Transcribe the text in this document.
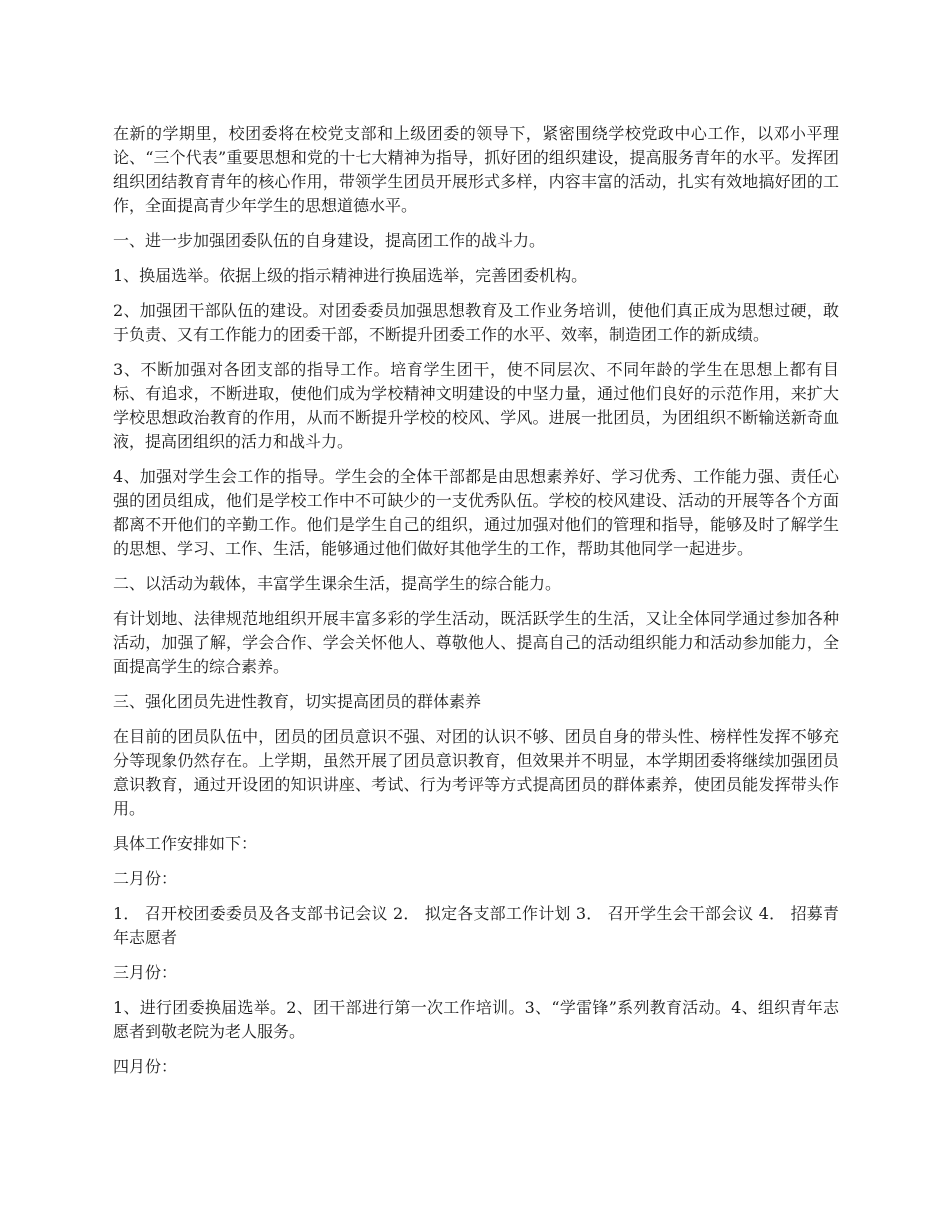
在新的学期里，校团委将在校党支部和上级团委的领导下，紧密围绕学校党政中心工作，以邓小平理论、“三个代表”重要思想和党的十七大精神为指导，抓好团的组织建设，提高服务青年的水平。发挥团组织团结教育青年的核心作用，带领学生团员开展形式多样，内容丰富的活动，扎实有效地搞好团的工作，全面提高青少年学生的思想道德水平。

一、进一步加强团委队伍的自身建设，提高团工作的战斗力。

1、换届选举。依据上级的指示精神进行换届选举，完善团委机构。

2、加强团干部队伍的建设。对团委委员加强思想教育及工作业务培训，使他们真正成为思想过硬，敢于负责、又有工作能力的团委干部，不断提升团委工作的水平、效率，制造团工作的新成绩。

3、不断加强对各团支部的指导工作。培育学生团干，使不同层次、不同年龄的学生在思想上都有目标、有追求，不断进取，使他们成为学校精神文明建设的中坚力量，通过他们良好的示范作用，来扩大学校思想政治教育的作用，从而不断提升学校的校风、学风。进展一批团员，为团组织不断输送新奇血液，提高团组织的活力和战斗力。

4、加强对学生会工作的指导。学生会的全体干部都是由思想素养好、学习优秀、工作能力强、责任心强的团员组成，他们是学校工作中不可缺少的一支优秀队伍。学校的校风建设、活动的开展等各个方面都离不开他们的辛勤工作。他们是学生自己的组织，通过加强对他们的管理和指导，能够及时了解学生的思想、学习、工作、生活，能够通过他们做好其他学生的工作，帮助其他同学一起进步。

二、以活动为载体，丰富学生课余生活，提高学生的综合能力。

有计划地、法律规范地组织开展丰富多彩的学生活动，既活跃学生的生活，又让全体同学通过参加各种活动，加强了解，学会合作、学会关怀他人、尊敬他人、提高自己的活动组织能力和活动参加能力，全面提高学生的综合素养。

三、强化团员先进性教育，切实提高团员的群体素养

在目前的团员队伍中，团员的团员意识不强、对团的认识不够、团员自身的带头性、榜样性发挥不够充分等现象仍然存在。上学期，虽然开展了团员意识教育，但效果并不明显，本学期团委将继续加强团员意识教育，通过开设团的知识讲座、考试、行为考评等方式提高团员的群体素养，使团员能发挥带头作用。

具体工作安排如下：

二月份：

1． 召开校团委委员及各支部书记会议 2． 拟定各支部工作计划 3． 召开学生会干部会议 4． 招募青年志愿者

三月份：

1、进行团委换届选举。2、团干部进行第一次工作培训。3、“学雷锋”系列教育活动。4、组织青年志愿者到敬老院为老人服务。

四月份：
